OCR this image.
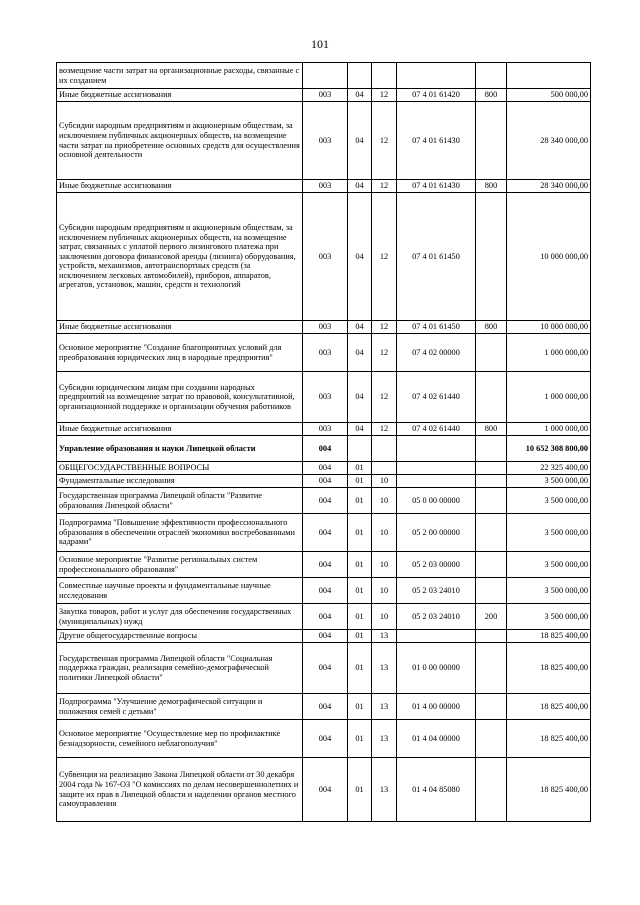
101
возмещение части затрат на организационные расходы, связанные с их созданием						
Иные бюджетные ассигнования	003	04	12	07 4 01 61420	800	500 000,00
Субсидии народным предприятиям и акционерным обществам, за исключением публичных акционерных обществ, на возмещение части затрат на приобретение основных средств для осуществления основной деятельности	003	04	12	07 4 01 61430		28 340 000,00
Иные бюджетные ассигнования	003	04	12	07 4 01 61430	800	28 340 000,00
Субсидии народным предприятиям и акционерным обществам, за исключением публичных акционерных обществ, на возмещение затрат, связанных с уплатой первого лизингового платежа при заключении договора финансовой аренды (лизинга) оборудования, устройств, механизмов, автотранспортных средств (за исключением легковых автомобилей), приборов, аппаратов, агрегатов, установок, машин, средств и технологий	003	04	12	07 4 01 61450		10 000 000,00
Иные бюджетные ассигнования	003	04	12	07 4 01 61450	800	10 000 000,00
Основное мероприятие "Создание благоприятных условий для преобразования юридических лиц в народные предприятия"	003	04	12	07 4 02 00000		1 000 000,00
Субсидии юридическим лицам при создании народных предприятий на возмещение затрат по правовой, консультативной, организационной поддержке и организации обучения работников	003	04	12	07 4 02 61440		1 000 000,00
Иные бюджетные ассигнования	003	04	12	07 4 02 61440	800	1 000 000,00
Управление образования и науки Липецкой области	004					10 652 308 800,00
ОБЩЕГОСУДАРСТВЕННЫЕ ВОПРОСЫ	004	01				22 325 400,00
Фундаментальные исследования	004	01	10			3 500 000,00
Государственная программа Липецкой области "Развитие образования Липецкой области"	004	01	10	05 0 00 00000		3 500 000,00
Подпрограмма "Повышение эффективности профессионального образования в обеспечении отраслей экономики востребованными кадрами"	004	01	10	05 2 00 00000		3 500 000,00
Основное мероприятие "Развитие региональных систем профессионального образования"	004	01	10	05 2 03 00000		3 500 000,00
Совместные научные проекты и фундаментальные научные исследования	004	01	10	05 2 03 24010		3 500 000,00
Закупка товаров, работ и услуг для обеспечения государственных (муниципальных) нужд	004	01	10	05 2 03 24010	200	3 500 000,00
Другие общегосударственные вопросы	004	01	13			18 825 400,00
Государственная программа Липецкой области "Социальная поддержка граждан, реализация семейно-демографической политики Липецкой области"	004	01	13	01 0 00 00000		18 825 400,00
Подпрограмма "Улучшение демографической ситуации и положения семей с детьми"	004	01	13	01 4 00 00000		18 825 400,00
Основное мероприятие "Осуществление мер по профилактике безнадзорности, семейного неблагополучия"	004	01	13	01 4 04 00000		18 825 400,00
Субвенция на реализацию Закона Липецкой области от 30 декабря 2004 года № 167-ОЗ "О комиссиях по делам несовершеннолетних и защите их прав в Липецкой области и наделении органов местного самоуправления	004	01	13	01 4 04 85080		18 825 400,00
